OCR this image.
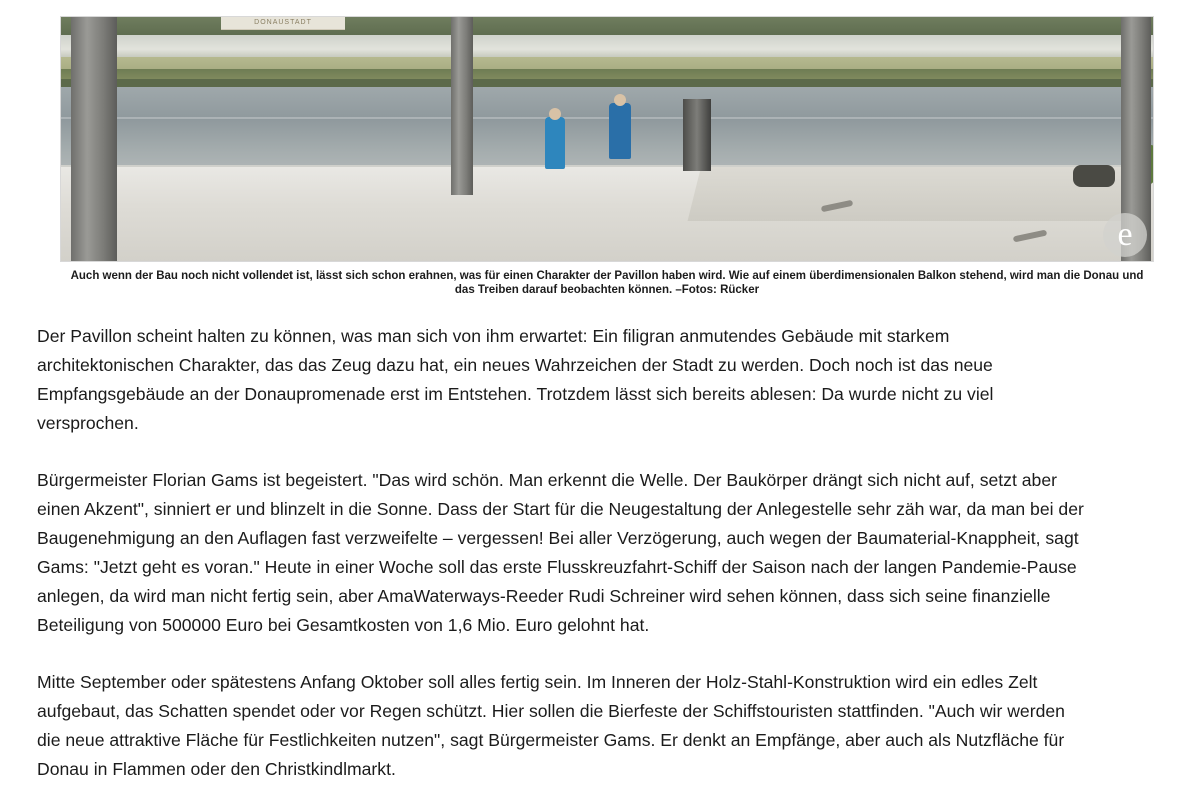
DONAUSTADT
e
Auch wenn der Bau noch nicht vollendet ist, lässt sich schon erahnen, was für einen Charakter der Pavillon haben wird. Wie auf einem überdimensionalen Balkon stehend, wird man die Donau und das Treiben darauf beobachten können. –Fotos: Rücker

Der Pavillon scheint halten zu können, was man sich von ihm erwartet: Ein filigran anmutendes Gebäude mit starkem architektonischen Charakter, das das Zeug dazu hat, ein neues Wahrzeichen der Stadt zu werden. Doch noch ist das neue Empfangsgebäude an der Donaupromenade erst im Entstehen. Trotzdem lässt sich bereits ablesen: Da wurde nicht zu viel versprochen.

Bürgermeister Florian Gams ist begeistert. "Das wird schön. Man erkennt die Welle. Der Baukörper drängt sich nicht auf, setzt aber einen Akzent", sinniert er und blinzelt in die Sonne. Dass der Start für die Neugestaltung der Anlegestelle sehr zäh war, da man bei der Baugenehmigung an den Auflagen fast verzweifelte – vergessen! Bei aller Verzögerung, auch wegen der Baumaterial-Knappheit, sagt Gams: "Jetzt geht es voran." Heute in einer Woche soll das erste Flusskreuzfahrt-Schiff der Saison nach der langen Pandemie-Pause anlegen, da wird man nicht fertig sein, aber AmaWaterways-Reeder Rudi Schreiner wird sehen können, dass sich seine finanzielle Beteiligung von 500000 Euro bei Gesamtkosten von 1,6 Mio. Euro gelohnt hat.

Mitte September oder spätestens Anfang Oktober soll alles fertig sein. Im Inneren der Holz-Stahl-Konstruktion wird ein edles Zelt aufgebaut, das Schatten spendet oder vor Regen schützt. Hier sollen die Bierfeste der Schiffstouristen stattfinden. "Auch wir werden die neue attraktive Fläche für Festlichkeiten nutzen", sagt Bürgermeister Gams. Er denkt an Empfänge, aber auch als Nutzfläche für Donau in Flammen oder den Christkindlmarkt.
